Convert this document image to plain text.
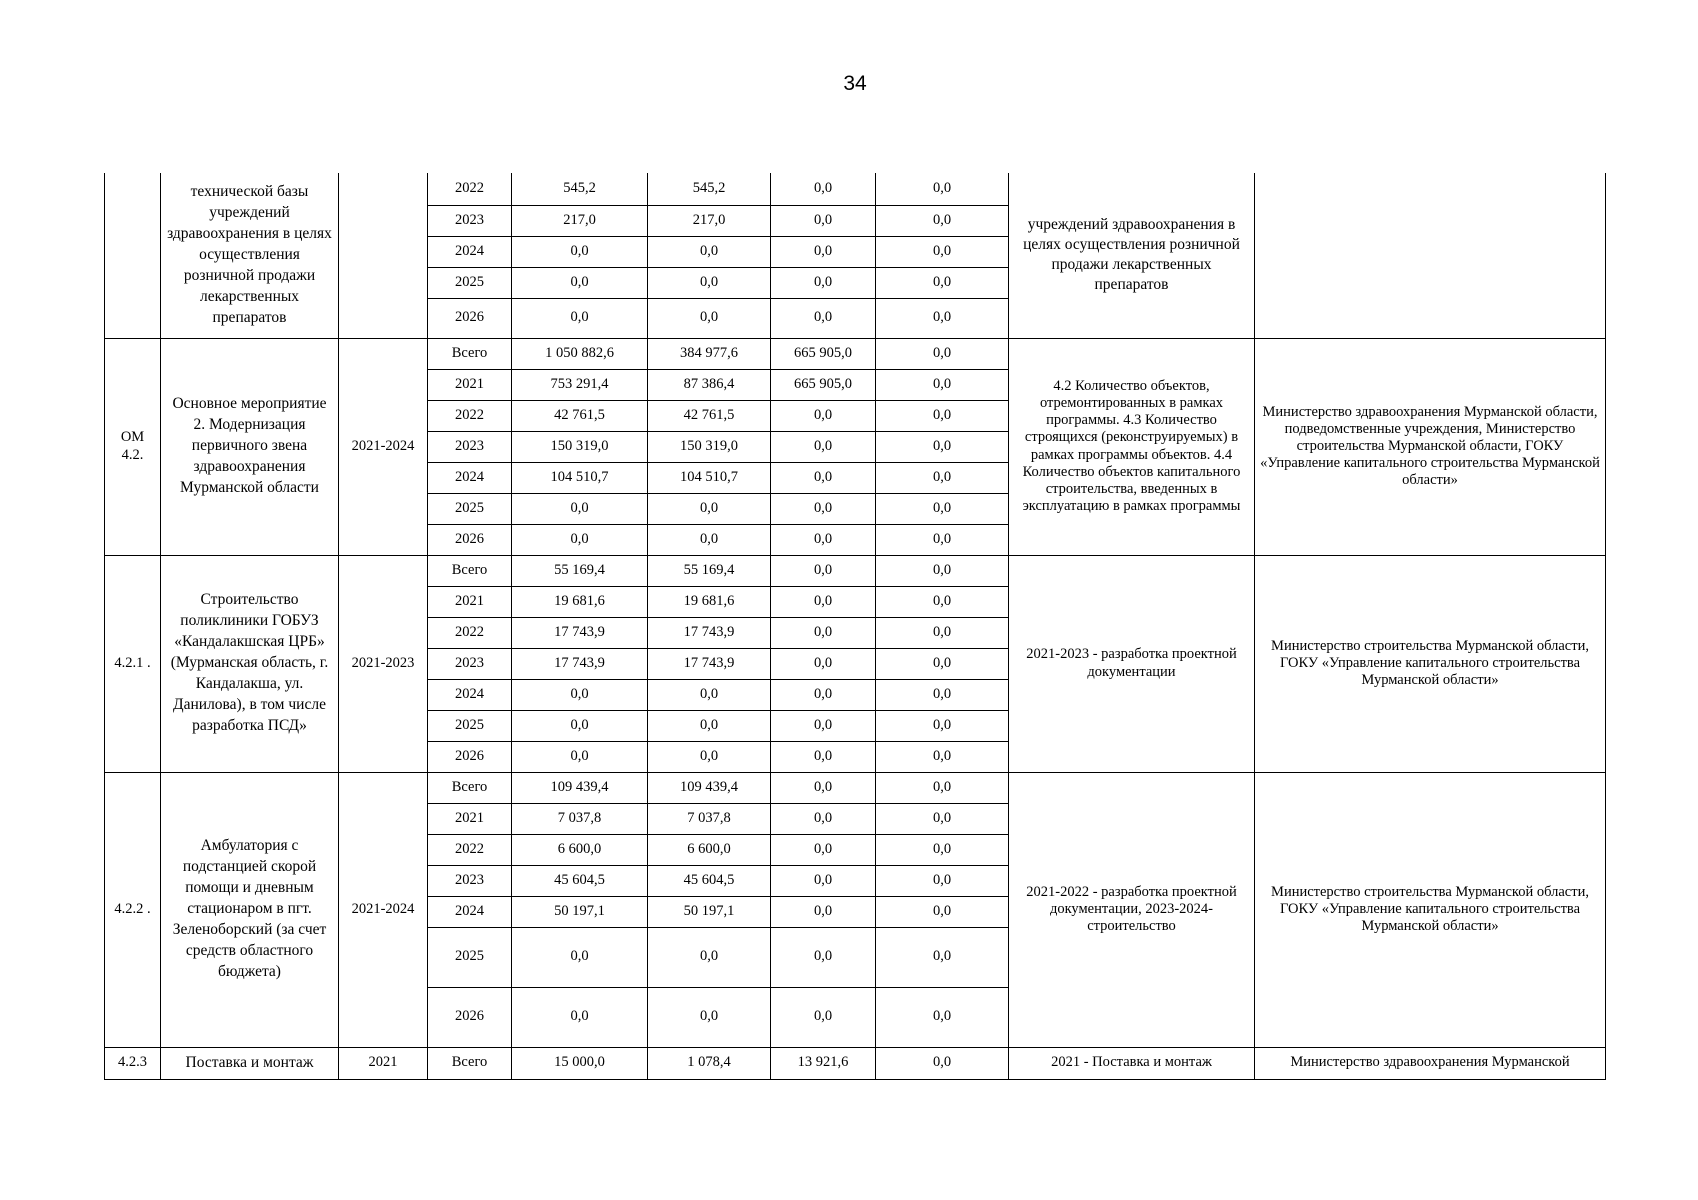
34
	технической базы учреждений здравоохранения в целях осуществления розничной продажи лекарственных препаратов		2022	545,2	545,2	0,0	0,0	учреждений здравоохранения в целях осуществления розничной продажи лекарственных препаратов	
			2023	217,0	217,0	0,0	0,0		
			2024	0,0	0,0	0,0	0,0		
			2025	0,0	0,0	0,0	0,0		
			2026	0,0	0,0	0,0	0,0		
ОМ 4.2.	Основное мероприятие 2. Модернизация первичного звена здравоохранения Мурманской области	2021-2024	Всего	1 050 882,6	384 977,6	665 905,0	0,0	4.2 Количество объектов, отремонтированных в рамках программы. 4.3 Количество строящихся (реконструируемых) в рамках программы объектов. 4.4 Количество объектов капитального строительства, введенных в эксплуатацию в рамках программы	Министерство здравоохранения Мурманской области, подведомственные учреждения, Министерство строительства Мурманской области, ГОКУ «Управление капитального строительства Мурманской области»
			2021	753 291,4	87 386,4	665 905,0	0,0		
			2022	42 761,5	42 761,5	0,0	0,0		
			2023	150 319,0	150 319,0	0,0	0,0		
			2024	104 510,7	104 510,7	0,0	0,0		
			2025	0,0	0,0	0,0	0,0		
			2026	0,0	0,0	0,0	0,0		
4.2.1 .	Строительство поликлиники ГОБУЗ «Кандалакшская ЦРБ» (Мурманская область, г. Кандалакша, ул. Данилова), в том числе разработка ПСД»	2021-2023	Всего	55 169,4	55 169,4	0,0	0,0	2021-2023 - разработка проектной документации	Министерство строительства Мурманской области, ГОКУ «Управление капитального строительства Мурманской области»
			2021	19 681,6	19 681,6	0,0	0,0		
			2022	17 743,9	17 743,9	0,0	0,0		
			2023	17 743,9	17 743,9	0,0	0,0		
			2024	0,0	0,0	0,0	0,0		
			2025	0,0	0,0	0,0	0,0		
			2026	0,0	0,0	0,0	0,0		
4.2.2 .	Амбулатория с подстанцией скорой помощи и дневным стационаром в пгт. Зеленоборский (за счет средств областного бюджета)	2021-2024	Всего	109 439,4	109 439,4	0,0	0,0	2021-2022 - разработка проектной документации, 2023-2024-строительство	Министерство строительства Мурманской области, ГОКУ «Управление капитального строительства Мурманской области»
			2021	7 037,8	7 037,8	0,0	0,0		
			2022	6 600,0	6 600,0	0,0	0,0		
			2023	45 604,5	45 604,5	0,0	0,0		
			2024	50 197,1	50 197,1	0,0	0,0		
			2025	0,0	0,0	0,0	0,0		
			2026	0,0	0,0	0,0	0,0		
4.2.3	Поставка и монтаж	2021	Всего	15 000,0	1 078,4	13 921,6	0,0	2021 - Поставка и монтаж	Министерство здравоохранения Мурманской
